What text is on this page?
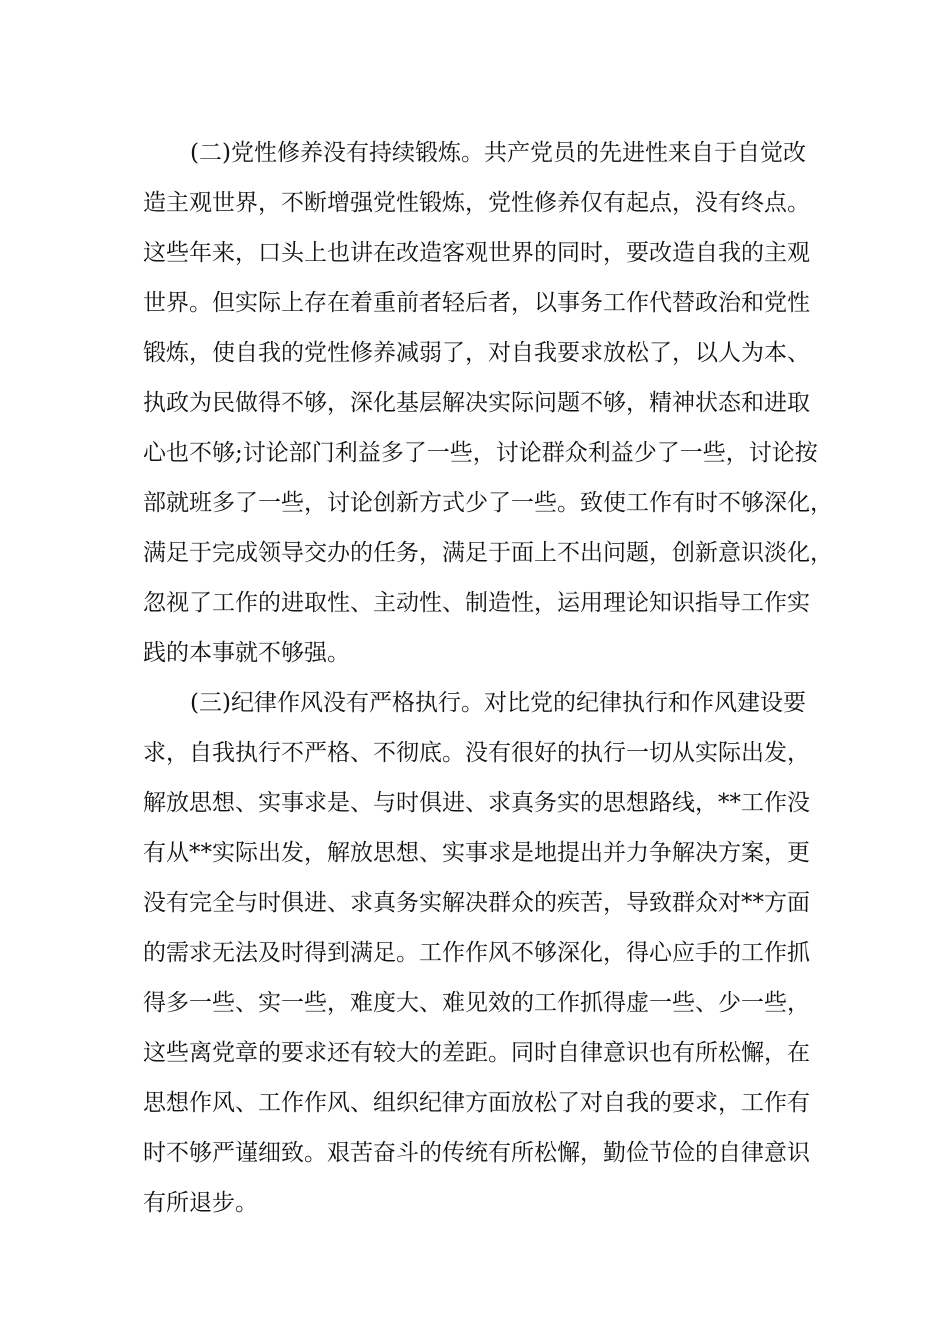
(二)党性修养没有持续锻炼。共产党员的先进性来自于自觉改
造主观世界，不断增强党性锻炼，党性修养仅有起点，没有终点。
这些年来，口头上也讲在改造客观世界的同时，要改造自我的主观
世界。但实际上存在着重前者轻后者，以事务工作代替政治和党性
锻炼，使自我的党性修养减弱了，对自我要求放松了，以人为本、
执政为民做得不够，深化基层解决实际问题不够，精神状态和进取
心也不够;讨论部门利益多了一些，讨论群众利益少了一些，讨论按
部就班多了一些，讨论创新方式少了一些。致使工作有时不够深化，
满足于完成领导交办的任务，满足于面上不出问题，创新意识淡化，
忽视了工作的进取性、主动性、制造性，运用理论知识指导工作实
践的本事就不够强。
(三)纪律作风没有严格执行。对比党的纪律执行和作风建设要
求，自我执行不严格、不彻底。没有很好的执行一切从实际出发，
解放思想、实事求是、与时俱进、求真务实的思想路线，**工作没
有从**实际出发，解放思想、实事求是地提出并力争解决方案，更
没有完全与时俱进、求真务实解决群众的疾苦，导致群众对**方面
的需求无法及时得到满足。工作作风不够深化，得心应手的工作抓
得多一些、实一些，难度大、难见效的工作抓得虚一些、少一些，
这些离党章的要求还有较大的差距。同时自律意识也有所松懈，在
思想作风、工作作风、组织纪律方面放松了对自我的要求，工作有
时不够严谨细致。艰苦奋斗的传统有所松懈，勤俭节俭的自律意识
有所退步。
